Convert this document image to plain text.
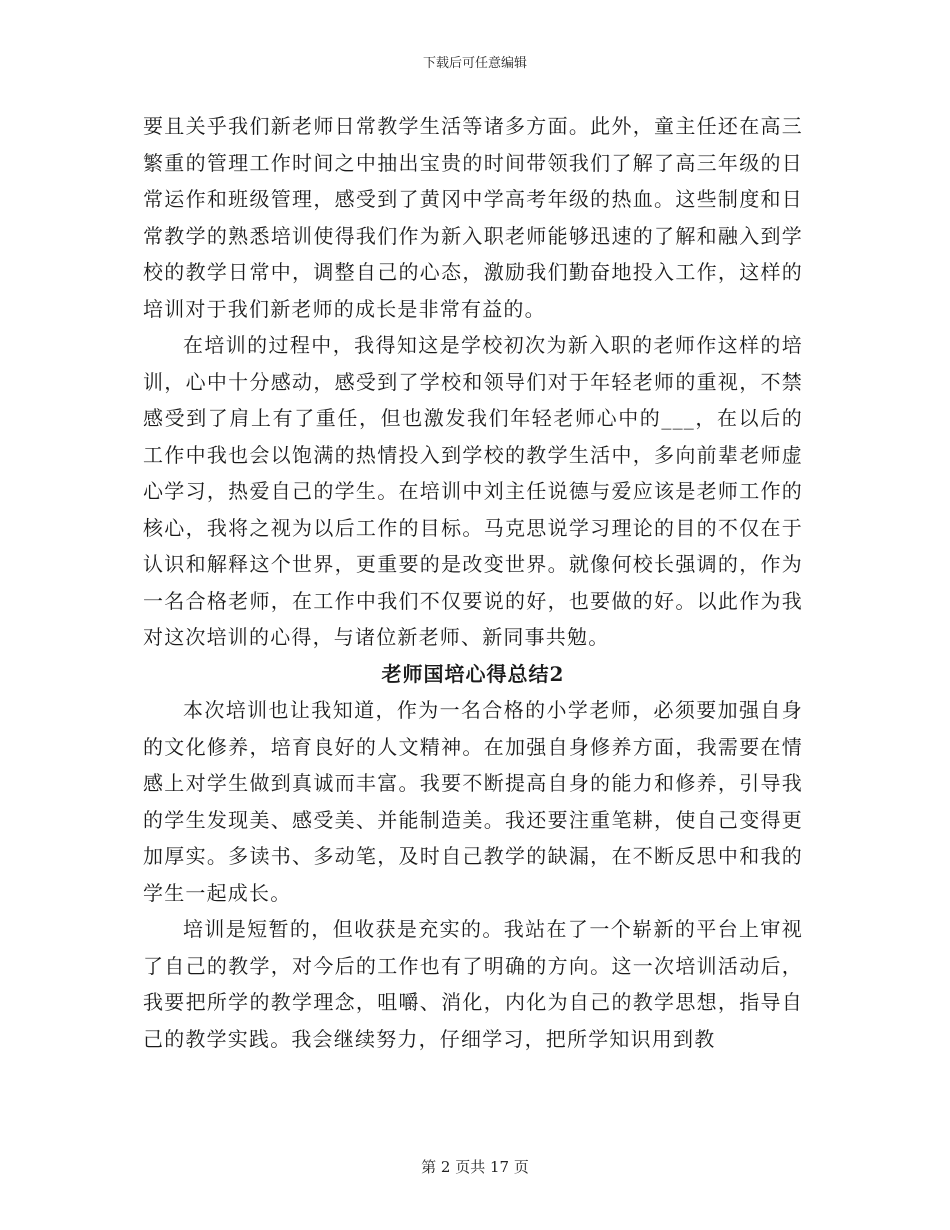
下载后可任意编辑

要且关乎我们新老师日常教学生活等诸多方面。此外，童主任还在高三繁重的管理工作时间之中抽出宝贵的时间带领我们了解了高三年级的日常运作和班级管理，感受到了黄冈中学高考年级的热血。这些制度和日常教学的熟悉培训使得我们作为新入职老师能够迅速的了解和融入到学校的教学日常中，调整自己的心态，激励我们勤奋地投入工作，这样的培训对于我们新老师的成长是非常有益的。

在培训的过程中，我得知这是学校初次为新入职的老师作这样的培训，心中十分感动，感受到了学校和领导们对于年轻老师的重视，不禁感受到了肩上有了重任，但也激发我们年轻老师心中的___，在以后的工作中我也会以饱满的热情投入到学校的教学生活中，多向前辈老师虚心学习，热爱自己的学生。在培训中刘主任说德与爱应该是老师工作的核心，我将之视为以后工作的目标。马克思说学习理论的目的不仅在于认识和解释这个世界，更重要的是改变世界。就像何校长强调的，作为一名合格老师，在工作中我们不仅要说的好，也要做的好。以此作为我对这次培训的心得，与诸位新老师、新同事共勉。

老师国培心得总结2

本次培训也让我知道，作为一名合格的小学老师，必须要加强自身的文化修养，培育良好的人文精神。在加强自身修养方面，我需要在情感上对学生做到真诚而丰富。我要不断提高自身的能力和修养，引导我的学生发现美、感受美、并能制造美。我还要注重笔耕，使自己变得更加厚实。多读书、多动笔，及时自己教学的缺漏，在不断反思中和我的学生一起成长。

培训是短暂的，但收获是充实的。我站在了一个崭新的平台上审视了自己的教学，对今后的工作也有了明确的方向。这一次培训活动后，我要把所学的教学理念，咀嚼、消化，内化为自己的教学思想，指导自己的教学实践。我会继续努力，仔细学习，把所学知识用到教

第 2 页共 17 页
